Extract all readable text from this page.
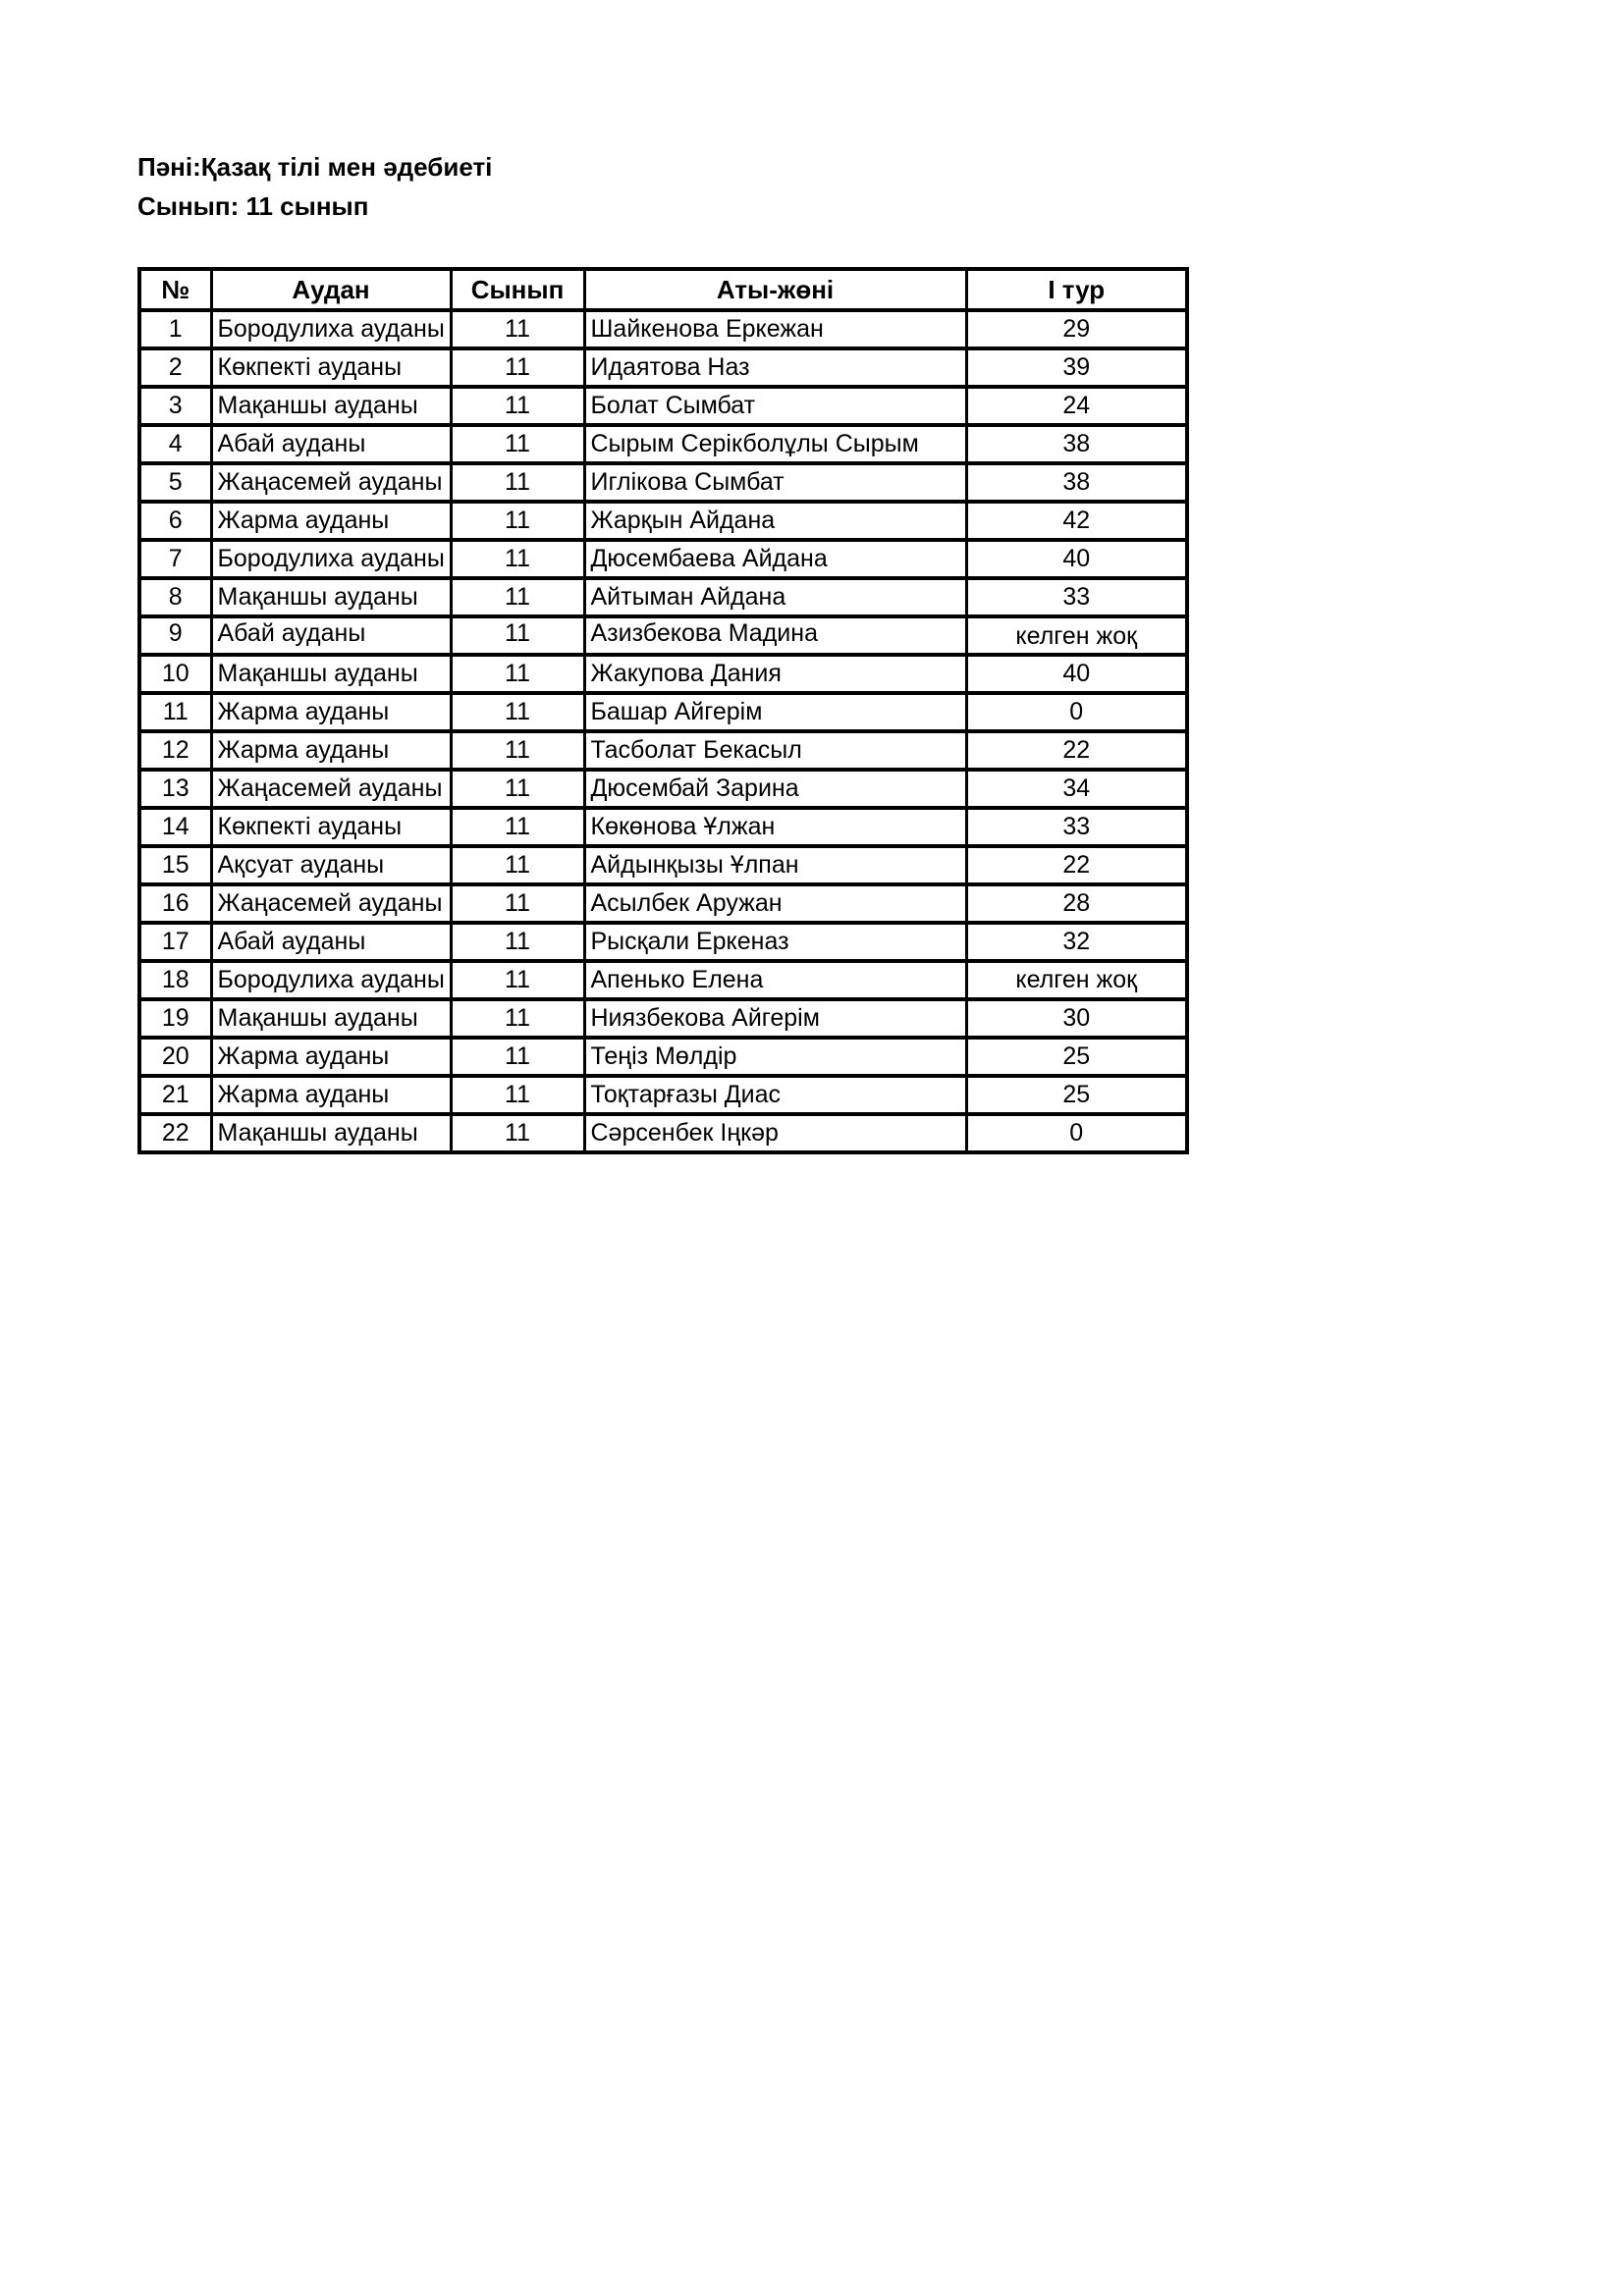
Пәні:Қазақ тілі мен әдебиеті
Сынып: 11 сынып
№	Аудан	Сынып	Аты-жөні	I тур
1	Бородулиха ауданы	11	Шайкенова Еркежан	29
2	Көкпекті ауданы	11	Идаятова Наз	39
3	Мақаншы ауданы	11	Болат Сымбат	24
4	Абай ауданы	11	Сырым Серікболұлы Сырым	38
5	Жаңасемей ауданы	11	Иглікова Сымбат	38
6	Жарма ауданы	11	Жарқын Айдана	42
7	Бородулиха ауданы	11	Дюсембаева Айдана	40
8	Мақаншы ауданы	11	Айтыман Айдана	33
9	Абай ауданы	11	Азизбекова Мадина	келген жоқ
10	Мақаншы ауданы	11	Жакупова Дания	40
11	Жарма ауданы	11	Башар Айгерім	0
12	Жарма ауданы	11	Тасболат Бекасыл	22
13	Жаңасемей ауданы	11	Дюсембай Зарина	34
14	Көкпекті ауданы	11	Көкөнова Ұлжан	33
15	Ақсуат ауданы	11	Айдынқызы Ұлпан	22
16	Жаңасемей ауданы	11	Асылбек Аружан	28
17	Абай ауданы	11	Рысқали Еркеназ	32
18	Бородулиха ауданы	11	Апенько Елена	келген жоқ
19	Мақаншы ауданы	11	Ниязбекова Айгерім	30
20	Жарма ауданы	11	Теңіз Мөлдір	25
21	Жарма ауданы	11	Тоқтарғазы Диас	25
22	Мақаншы ауданы	11	Сәрсенбек Іңкәр	0
